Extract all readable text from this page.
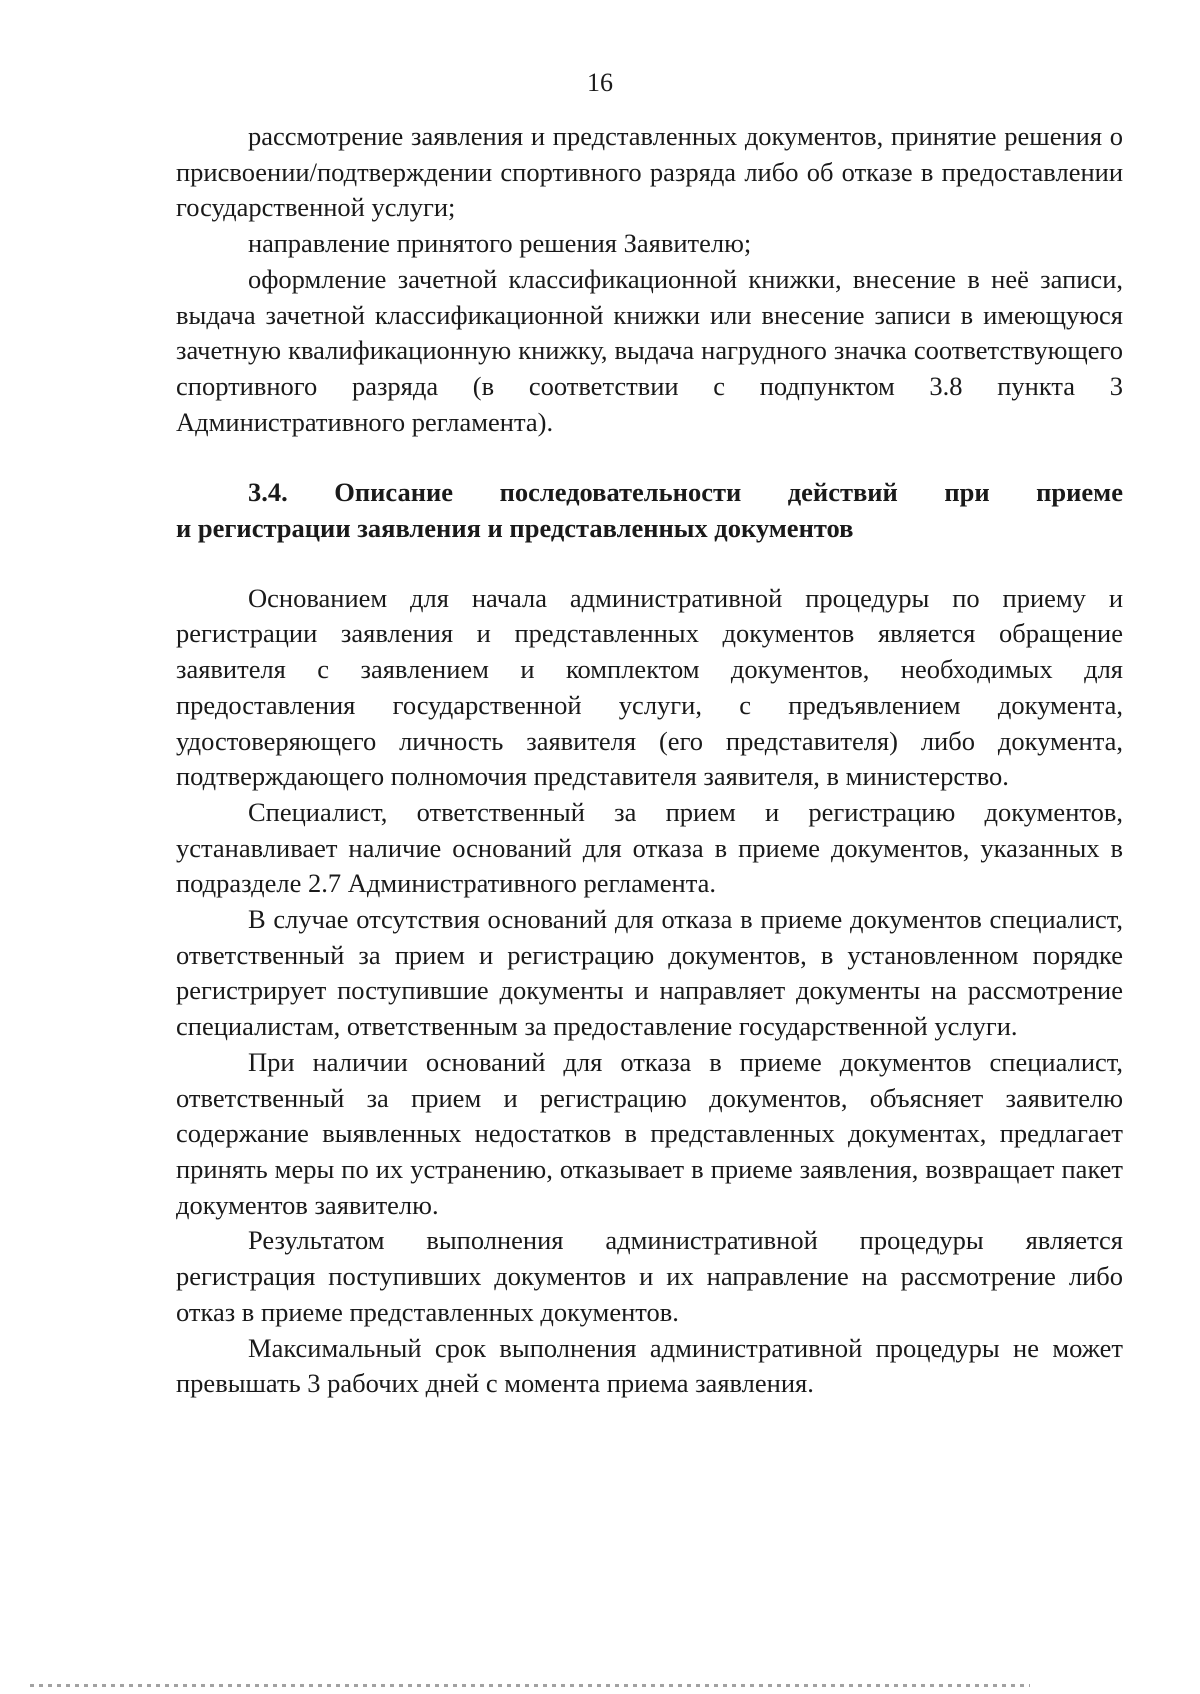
16

рассмотрение заявления и представленных документов, принятие решения о присвоении/подтверждении спортивного разряда либо об отказе в предоставлении государственной услуги;

направление принятого решения Заявителю;

оформление зачетной классификационной книжки, внесение в неё записи, выдача зачетной классификационной книжки или внесение записи в имеющуюся зачетную квалификационную книжку, выдача нагрудного значка соответствующего спортивного разряда (в соответствии с подпунктом 3.8 пункта 3 Административного регламента).

3.4. Описание последовательности действий при приеме
и регистрации заявления и представленных документов

Основанием для начала административной процедуры по приему и регистрации заявления и представленных документов является обращение заявителя с заявлением и комплектом документов, необходимых для предоставления государственной услуги, с предъявлением документа, удостоверяющего личность заявителя (его представителя) либо документа, подтверждающего полномочия представителя заявителя, в министерство.

Специалист, ответственный за прием и регистрацию документов, устанавливает наличие оснований для отказа в приеме документов, указанных в подразделе 2.7 Административного регламента.

В случае отсутствия оснований для отказа в приеме документов специалист, ответственный за прием и регистрацию документов, в установленном порядке регистрирует поступившие документы и направляет документы на рассмотрение специалистам, ответственным за предоставление государственной услуги.

При наличии оснований для отказа в приеме документов специалист, ответственный за прием и регистрацию документов, объясняет заявителю содержание выявленных недостатков в представленных документах, предлагает принять меры по их устранению, отказывает в приеме заявления, возвращает пакет документов заявителю.

Результатом выполнения административной процедуры является регистрация поступивших документов и их направление на рассмотрение либо отказ в приеме представленных документов.

Максимальный срок выполнения административной процедуры не может превышать 3 рабочих дней с момента приема заявления.
